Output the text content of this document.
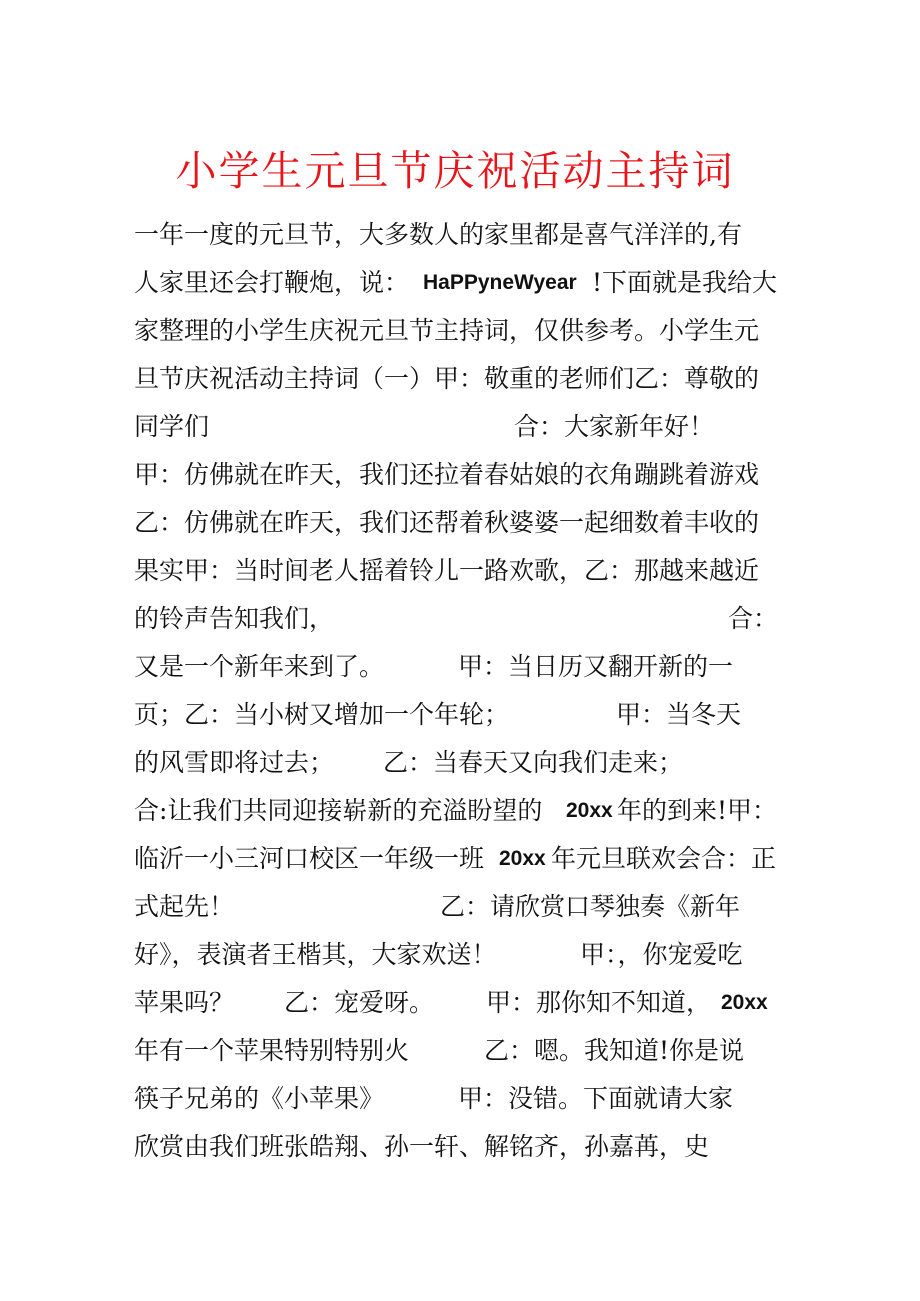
小学生元旦节庆祝活动主持词
一年一度的元旦节，大多数人的家里都是喜气洋洋的,有
人家里还会打鞭炮，说： HaPPyneWyear !下面就是我给大
家整理的小学生庆祝元旦节主持词，仅供参考。小学生元
旦节庆祝活动主持词（一）甲：敬重的老师们乙：尊敬的
同学们	合：大家新年好！
甲：仿佛就在昨天，我们还拉着春姑娘的衣角蹦跳着游戏
乙：仿佛就在昨天，我们还帮着秋婆婆一起细数着丰收的
果实甲：当时间老人摇着铃儿一路欢歌，乙：那越来越近
的铃声告知我们，	合：
又是一个新年来到了。	甲：当日历又翻开新的一
页；乙：当小树又增加一个年轮；	甲：当冬天
的风雪即将过去； 乙：当春天又向我们走来；
合:让我们共同迎接崭新的充溢盼望的 20xx 年的到来!甲：
临沂一小三河口校区一年级一班 20xx 年元旦联欢会合：正
式起先！	乙：请欣赏口琴独奏《新年
好》，表演者王楷其，大家欢送！	甲：，你宠爱吃
苹果吗？ 乙：宠爱呀。 甲：那你知不知道， 20xx
年有一个苹果特别特别火	乙：嗯。我知道!你是说
筷子兄弟的《小苹果》	甲：没错。下面就请大家
欣赏由我们班张皓翔、孙一轩、解铭齐，孙嘉苒，史
